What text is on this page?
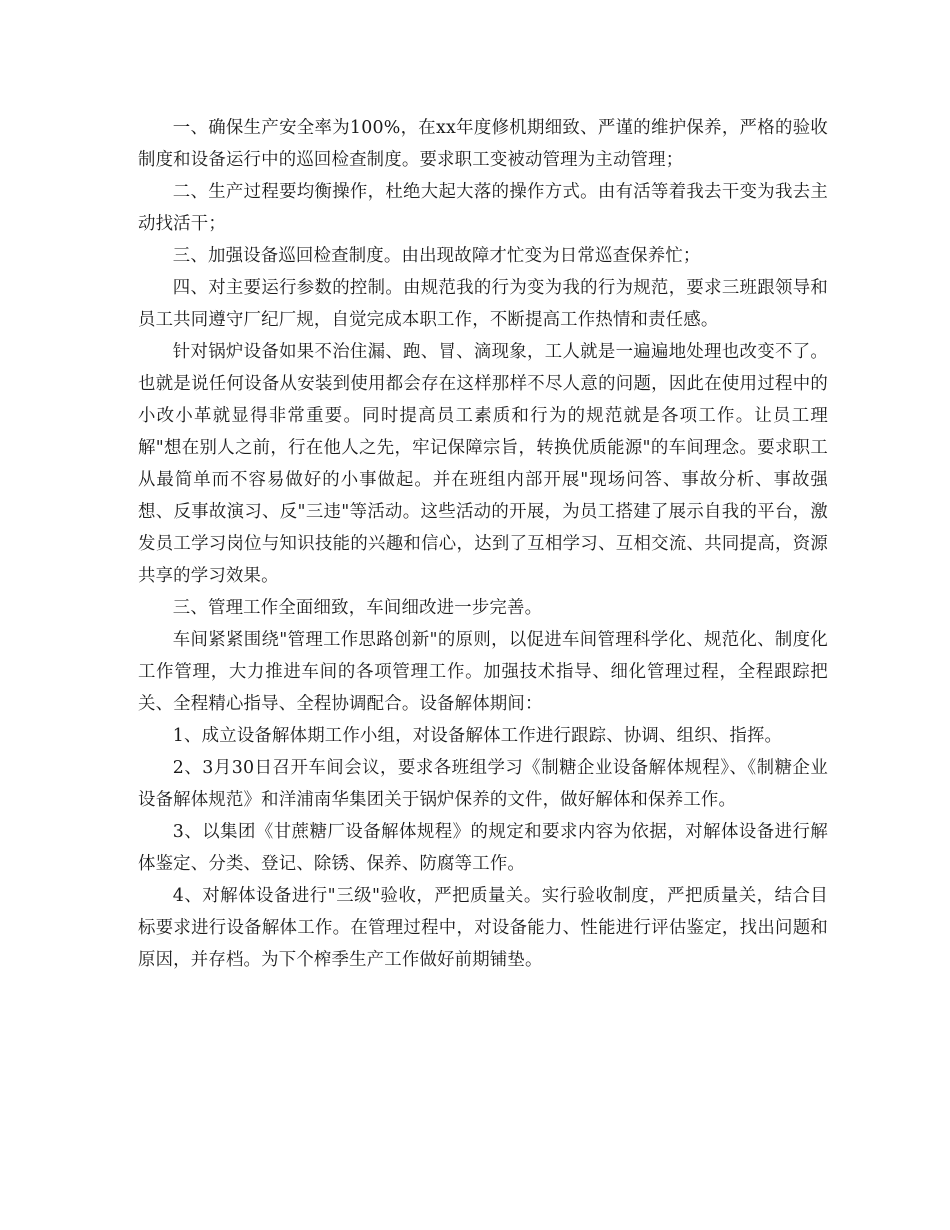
一、确保生产安全率为100%，在xx年度修机期细致、严谨的维护保养，严格的验收制度和设备运行中的巡回检查制度。要求职工变被动管理为主动管理；

二、生产过程要均衡操作，杜绝大起大落的操作方式。由有活等着我去干变为我去主动找活干；

三、加强设备巡回检查制度。由出现故障才忙变为日常巡查保养忙；

四、对主要运行参数的控制。由规范我的行为变为我的行为规范，要求三班跟领导和员工共同遵守厂纪厂规，自觉完成本职工作，不断提高工作热情和责任感。

针对锅炉设备如果不治住漏、跑、冒、滴现象，工人就是一遍遍地处理也改变不了。也就是说任何设备从安装到使用都会存在这样那样不尽人意的问题，因此在使用过程中的小改小革就显得非常重要。同时提高员工素质和行为的规范就是各项工作。让员工理解"想在别人之前，行在他人之先，牢记保障宗旨，转换优质能源"的车间理念。要求职工从最简单而不容易做好的小事做起。并在班组内部开展"现场问答、事故分析、事故强想、反事故演习、反"三违"等活动。这些活动的开展，为员工搭建了展示自我的平台，激发员工学习岗位与知识技能的兴趣和信心，达到了互相学习、互相交流、共同提高，资源共享的学习效果。

三、管理工作全面细致，车间细改进一步完善。

车间紧紧围绕"管理工作思路创新"的原则，以促进车间管理科学化、规范化、制度化工作管理，大力推进车间的各项管理工作。加强技术指导、细化管理过程，全程跟踪把关、全程精心指导、全程协调配合。设备解体期间：

1、成立设备解体期工作小组，对设备解体工作进行跟踪、协调、组织、指挥。

2、3月30日召开车间会议，要求各班组学习《制糖企业设备解体规程》、《制糖企业设备解体规范》和洋浦南华集团关于锅炉保养的文件，做好解体和保养工作。

3、以集团《甘蔗糖厂设备解体规程》的规定和要求内容为依据，对解体设备进行解体鉴定、分类、登记、除锈、保养、防腐等工作。

4、对解体设备进行"三级"验收，严把质量关。实行验收制度，严把质量关，结合目标要求进行设备解体工作。在管理过程中，对设备能力、性能进行评估鉴定，找出问题和原因，并存档。为下个榨季生产工作做好前期铺垫。
